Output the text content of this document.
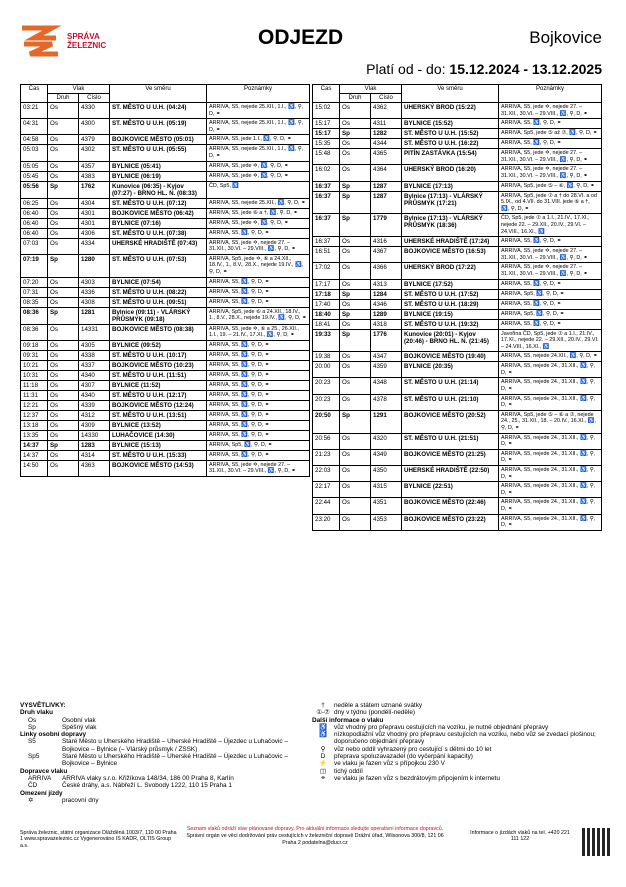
SPRÁVA
ŽELEZNIC	ODJEZD	Bojkovice
Platí od - do: 15.12.2024 - 13.12.2025
Čas	Vlak		Ve směru	Poznámky
	Druh	Číslo		
03:21	Os	4330	ST. MĚSTO U U.H. (04:24)	ARRIVA, S5, nejede 25.XII., 1.I., ♿, ⚲, D, ⚭
04:31	Os	4300	ST. MĚSTO U U.H. (05:19)	ARRIVA, S5, nejede 25.XII., 1.I., ♿, ⚲, D, ⚭
04:58	Os	4379	BOJKOVICE MĚSTO (05:01)	ARRIVA, S5, jede 1.I., ♿, ⚲, D, ⚭
05:03	Os	4302	ST. MĚSTO U U.H. (05:55)	ARRIVA, S5, nejede 25.XII., 1.I., ♿, ⚲, D, ⚭
05:05	Os	4357	BYLNICE (05:41)	ARRIVA, S5, jede ✡, ♿, ⚲, D, ⚭
05:45	Os	4383	BYLNICE (06:19)	ARRIVA, S5, jede ✡, ♿, ⚲, D, ⚭
05:56	Sp	1762	Kunovice (06:35) - Kyjov (07:27) - BRNO HL. N. (08:33)	ČD, Sp5, ♿
06:25	Os	4304	ST. MĚSTO U U.H. (07:12)	ARRIVA, S5, nejede 25.XII., ♿, ⚲, D, ⚭
06:40	Os	4301	BOJKOVICE MĚSTO (06:42)	ARRIVA, S5, jede ⑥ a †, ♿, ⚲, D, ⚭
06:40	Os	4301	BYLNICE (07:16)	ARRIVA, S5, jede ✡, ♿, ⚲, D, ⚭
06:40	Os	4306	ST. MĚSTO U U.H. (07:38)	ARRIVA, S5, ♿, ⚲, D, ⚭
07:03	Os	4334	UHERSKÉ HRADIŠTĚ (07:43)	ARRIVA, S5, jede ✡, nejede 27. – 31.XII., 30.VI. – 29.VIII., ♿, ⚲, D, ⚭
07:19	Sp	1280	ST. MĚSTO U U.H. (07:53)	ARRIVA, Sp5, jede ✡, ⑥ a 24.XII., 18.IV., 1., 8.V., 28.X., nejede 19.IV., ♿, ⚲, D, ⚭
07:20	Os	4303	BYLNICE (07:54)	ARRIVA, S5, ♿, ⚲, D, ⚭
07:31	Os	4336	ST. MĚSTO U U.H. (08:22)	ARRIVA, S5, ♿, ⚲, D, ⚭
08:35	Os	4308	ST. MĚSTO U U.H. (09:51)	ARRIVA, S5, ♿, ⚲, D, ⚭
08:36	Sp	1281	Bylnice (09:11) - VLÁRSKÝ PRŮSMYK (09:18)	ARRIVA, Sp5, jede ⑥ a 24.XII., 18.IV., 1., 8.V., 28.X., nejede 19.IV., ♿, ⚲, D, ⚭
08:36	Os	14331	BOJKOVICE MĚSTO (08:38)	ARRIVA, S5, jede ✡, ⑥ a 25., 26.XII., 1.I., 19. – 21.IV., 17.XI., ♿, ⚲, D, ⚭
09:18	Os	4305	BYLNICE (09:52)	ARRIVA, S5, ♿, ⚲, D, ⚭
09:31	Os	4338	ST. MĚSTO U U.H. (10:17)	ARRIVA, S5, ♿, ⚲, D, ⚭
10:21	Os	4337	BOJKOVICE MĚSTO (10:23)	ARRIVA, S5, ♿, ⚲, D, ⚭
10:31	Os	4340	ST. MĚSTO U U.H. (11:51)	ARRIVA, S5, ♿, ⚲, D, ⚭
11:18	Os	4307	BYLNICE (11:52)	ARRIVA, S5, ♿, ⚲, D, ⚭
11:31	Os	4340	ST. MĚSTO U U.H. (12:17)	ARRIVA, S5, ♿, ⚲, D, ⚭
12:21	Os	4339	BOJKOVICE MĚSTO (12:24)	ARRIVA, S5, ♿, ⚲, D, ⚭
12:37	Os	4312	ST. MĚSTO U U.H. (13:51)	ARRIVA, S5, ♿, ⚲, D, ⚭
13:18	Os	4309	BYLNICE (13:52)	ARRIVA, S5, ♿, ⚲, D, ⚭
13:35	Os	14330	LUHAČOVICE (14:30)	ARRIVA, S5, ♿, ⚲, D, ⚭
14:37	Sp	1283	BYLNICE (15:13)	ARRIVA, Sp5, ♿, ⚲, D, ⚭
14:37	Os	4314	ST. MĚSTO U U.H. (15:33)	ARRIVA, S5, ♿, ⚲, D, ⚭
14:50	Os	4363	BOJKOVICE MĚSTO (14:53)	ARRIVA, S5, jede ✡, nejede 27. – 31.XII., 30.VI. – 29.VIII., ♿, ⚲, D, ⚭
Čas	Vlak		Ve směru	Poznámky
	Druh	Číslo		
15:02	Os	4362	UHERSKÝ BROD (15:22)	ARRIVA, S5, jede ✡, nejede 27. – 31.XII., 30.VI. – 29.VIII., ♿, ⚲, D, ⚭
15:17	Os	4311	BYLNICE (15:52)	ARRIVA, S5, ♿, ⚲, D, ⚭
15:17	Sp	1282	ST. MĚSTO U U.H. (15:52)	ARRIVA, Sp5, jede ⑤ až ⑦, ♿, ⚲, D, ⚭
15:35	Os	4344	ST. MĚSTO U U.H. (16:22)	ARRIVA, S5, ♿, ⚲, D, ⚭
15:48	Os	4365	PITÍN ZASTÁVKA (15:54)	ARRIVA, S5, jede ✡, nejede 27. – 31.XII., 30.VI. – 29.VIII., ♿, ⚲, D, ⚭
16:02	Os	4364	UHERSKÝ BROD (16:20)	ARRIVA, S5, jede ✡, nejede 27. – 31.XII., 30.VI. – 29.VIII., ♿, ⚲, D, ⚭
16:37	Sp	1287	BYLNICE (17:13)	ARRIVA, Sp5, jede ⑤ – ⑥, ♿, ⚲, D, ⚭
16:37	Sp	1287	Bylnice (17:13) - VLÁRSKÝ PRŮSMYK (17:21)	ARRIVA, Sp5, jede ⑦ a † do 28.VI. a od 5.IX., od 4.VII. do 31.VIII. jede ⑥ a †, ♿, ⚲, D, ⚭
16:37	Sp	1779	Bylnice (17:13) - VLÁRSKÝ PRŮSMYK (18:36)	ČD, Sp5, jede ⑦ a 1.I., 21.IV., 17.XI., nejede 22. – 29.XII., 20.IV., 29.VI. – 24.VIII., 16.XI., ♿
16:37	Os	4316	UHERSKÉ HRADIŠTĚ (17:24)	ARRIVA, S5, ♿, ⚲, D, ⚭
16:51	Os	4367	BOJKOVICE MĚSTO (16:53)	ARRIVA, S5, jede ✡, nejede 27. – 31.XII., 30.VI. – 29.VIII., ♿, ⚲, D, ⚭
17:02	Os	4366	UHERSKÝ BROD (17:22)	ARRIVA, S5, jede ✡, nejede 27. – 31.XII., 30.VI. – 29.VIII., ♿, ⚲, D, ⚭
17:17	Os	4313	BYLNICE (17:52)	ARRIVA, S5, ♿, ⚲, D, ⚭
17:18	Sp	1284	ST. MĚSTO U U.H. (17:52)	ARRIVA, Sp5, ♿, ⚲, D, ⚭
17:40	Os	4346	ST. MĚSTO U U.H. (18:29)	ARRIVA, S5, ♿, ⚲, D, ⚭
18:40	Sp	1289	BYLNICE (19:15)	ARRIVA, Sp5, ♿, ⚲, D, ⚭
18:41	Os	4318	ST. MĚSTO U U.H. (19:32)	ARRIVA, S5, ♿, ⚲, D, ⚭
19:33	Sp	1776	Kunovice (20:01) - Kyjov (20:46) - BRNO HL. N. (21:45)	Javořina ČD, Sp5, jede ⑦ a 1.I., 21.IV., 17.XI., nejede 22. – 29.XII., 20.IV., 29.VI. – 24.VIII., 16.XI., ♿
19:38	Os	4347	BOJKOVICE MĚSTO (19:40)	ARRIVA, S5, nejede 24.XII., ♿, ⚲, D, ⚭
20:00	Os	4359	BYLNICE (20:35)	ARRIVA, S5, nejede 24., 31.XII., ♿, ⚲, D, ⚭
20:23	Os	4348	ST. MĚSTO U U.H. (21:14)	ARRIVA, S5, nejede 24., 31.XII., ♿, ⚲, D, ⚭
20:23	Os	4378	ST. MĚSTO U U.H. (21:10)	ARRIVA, S5, nejede 24., 31.XII., ♿, ⚲, D, ⚭
20:50	Sp	1291	BOJKOVICE MĚSTO (20:52)	ARRIVA, Sp5, jede ⑤ – ⑥ a ⑦, nejede 24., 25., 31.XII., 18. – 20.IV., 16.XI., ♿, ⚲, D, ⚭
20:56	Os	4320	ST. MĚSTO U U.H. (21:51)	ARRIVA, S5, nejede 24., 31.XII., ♿, ⚲, D, ⚭
21:23	Os	4349	BOJKOVICE MĚSTO (21:25)	ARRIVA, S5, nejede 24., 31.XII., ♿, ⚲, D, ⚭
22:03	Os	4350	UHERSKÉ HRADIŠTĚ (22:50)	ARRIVA, S5, nejede 24., 31.XII., ♿, ⚲, D, ⚭
22:17	Os	4315	BYLNICE (22:51)	ARRIVA, S5, nejede 24., 31.XII., ♿, ⚲, D, ⚭
22:44	Os	4351	BOJKOVICE MĚSTO (22:46)	ARRIVA, S5, nejede 24., 31.XII., ♿, ⚲, D, ⚭
23:20	Os	4353	BOJKOVICE MĚSTO (23:22)	ARRIVA, S5, nejede 24., 31.XII., ♿, ⚲, D, ⚭
VYSVĚTLIVKY:
Druh vlaku
Os	Osobní vlak
Sp	Spěšný vlak
Linky osobní dopravy
S5	Staré Město u Uherského Hradiště – Uherské Hradiště – Újezdec u Luhačovic – Bojkovice – Bylnice (– Vlárský průsmyk / ZSSK)
Sp5	Staré Město u Uherského Hradiště – Uherské Hradiště – Újezdec u Luhačovic – Bojkovice – Bylnice
Dopravce vlaku
ARRIVA	ARRIVA vlaky s.r.o. Křižíkova 148/34, 186 00 Praha 8, Karlín
ČD	České dráhy, a.s. Nábřeží L. Svobody 1222, 110 15 Praha 1
Omezení jízdy
✡	pracovní dny
†	neděle a státem uznané svátky
①-⑦ dny v týdnu (pondělí-neděle)
Další informace o vlaku
♿	vůz vhodný pro přepravu cestujících na vozíku, je nutné objednání přepravy
♿	nízkopodlažní vůz vhodný pro přepravu cestujících na vozíku, nebo vůz se zvedací plošinou; doporučeno objednání přepravy
⚲	vůz nebo oddíl vyhrazený pro cestující s dětmi do 10 let
D	přeprava spoluzavazadel (do vyčerpání kapacity)
⚡	ve vlaku je fazen vůz s přípojkou 230 V
◫	tichý oddíl
⚭	ve vlaku je fazen vůz s bezdrátovým připojením k internetu
Správa železnic, státní organizace Dlážděná 1003/7, 110 00 Praha 1 www.spravazeleznic.cz Vygenerováno IS KADR, OLTIS Group a.s.
Seznam vlaků odráží stav plánované dopravy. Pro aktuální informace sledujte operativní informace dopravců.
Správní orgán ve věci dodržování práv cestujících v železniční dopravě Drážní úřad, Wilsonova 300/8, 121 06 Praha 2 podatelna@ducr.cz
Informace o jízdách vlaků na tel. +420 221 111 122
